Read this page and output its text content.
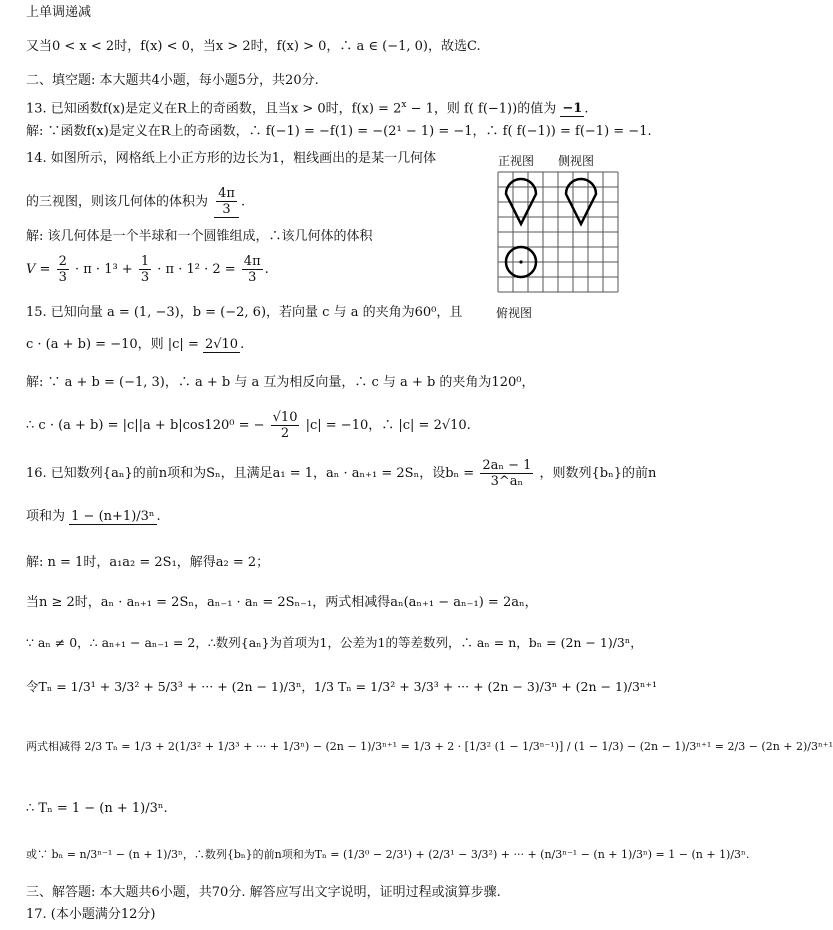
上单调递减
又当0 < x < 2时，f(x) < 0，当x > 2时，f(x) > 0，∴ a ∈ (−1, 0)，故选C.
二、填空题: 本大题共4小题，每小题5分，共20分.
13. 已知函数f(x)是定义在R上的奇函数，且当x > 0时，$f(x) = 2^x - 1$，则 f( f(−1))的值为 −1 .
解: ∵函数f(x)是定义在R上的奇函数，∴ f(−1) = −f(1) = −(2¹ − 1) = −1，∴ f( f(−1)) = f(−1) = −1.
14. 如图所示，网格纸上小正方形的边长为1，粗线画出的是某一几何体
的三视图，则该几何体的体积为 $\frac{4\pi}{3}$ .
解: 该几何体是一个半球和一个圆锥组成，∴该几何体的体积
$V = \frac{2}{3} \cdot \pi \cdot 1^3 + \frac{1}{3} \cdot \pi \cdot 1^2 \cdot 2 = \frac{4\pi}{3}$ .
正视图 侧视图
俯视图
15. 已知向量 a = (1, −3)，b = (−2, 6)，若向量 c 与 a 的夹角为60⁰，且
c · (a + b) = −10，则 |c| = 2√10 .
解: ∵ a + b = (−1, 3)，∴ a + b 与 a 互为相反向量，∴ c 与 a + b 的夹角为120⁰，
∴ c · (a + b) = |c||a + b|cos120⁰ = − $\frac{√10}{2} |c| = -10$，∴ |c| = 2√10.
16. 已知数列{aₙ}的前n项和为Sₙ，且满足a₁ = 1，aₙ · aₙ₊₁ = 2Sₙ，设$b_n = \frac{\text{2aₙ − 1}}{\text{3\textasciicircum{}aₙ}}$ ，则数列{bₙ}的前n
项和为 1 − (n+1)/3ⁿ .
解: n = 1时，a₁a₂ = 2S₁，解得a₂ = 2；
当n ≥ 2时，aₙ · aₙ₊₁ = 2Sₙ，aₙ₋₁ · aₙ = 2Sₙ₋₁，两式相减得aₙ(aₙ₊₁ − aₙ₋₁) = 2aₙ，
∵ aₙ ≠ 0，∴ aₙ₊₁ − aₙ₋₁ = 2，∴数列{aₙ}为首项为1，公差为1的等差数列，∴ aₙ = n，bₙ = (2n − 1)/3ⁿ，
令Tₙ = 1/3¹ + 3/3² + 5/3³ + ··· + (2n − 1)/3ⁿ，1/3 Tₙ = 1/3² + 3/3³ + ··· + (2n − 3)/3ⁿ + (2n − 1)/3ⁿ⁺¹
两式相减得 2/3 Tₙ = 1/3 + 2(1/3² + 1/3³ + ··· + 1/3ⁿ) − (2n − 1)/3ⁿ⁺¹ = 1/3 + 2 · [1/3² (1 − 1/3ⁿ⁻¹)] / (1 − 1/3) − (2n − 1)/3ⁿ⁺¹ = 2/3 − (2n + 2)/3ⁿ⁺¹
∴ Tₙ = 1 − (n + 1)/3ⁿ.
或∵ bₙ = n/3ⁿ⁻¹ − (n + 1)/3ⁿ，∴数列{bₙ}的前n项和为Tₙ = (1/3⁰ − 2/3¹) + (2/3¹ − 3/3²) + ··· + (n/3ⁿ⁻¹ − (n + 1)/3ⁿ) = 1 − (n + 1)/3ⁿ.
三、解答题: 本大题共6小题，共70分. 解答应写出文字说明，证明过程或演算步骤.
17. (本小题满分12分)
